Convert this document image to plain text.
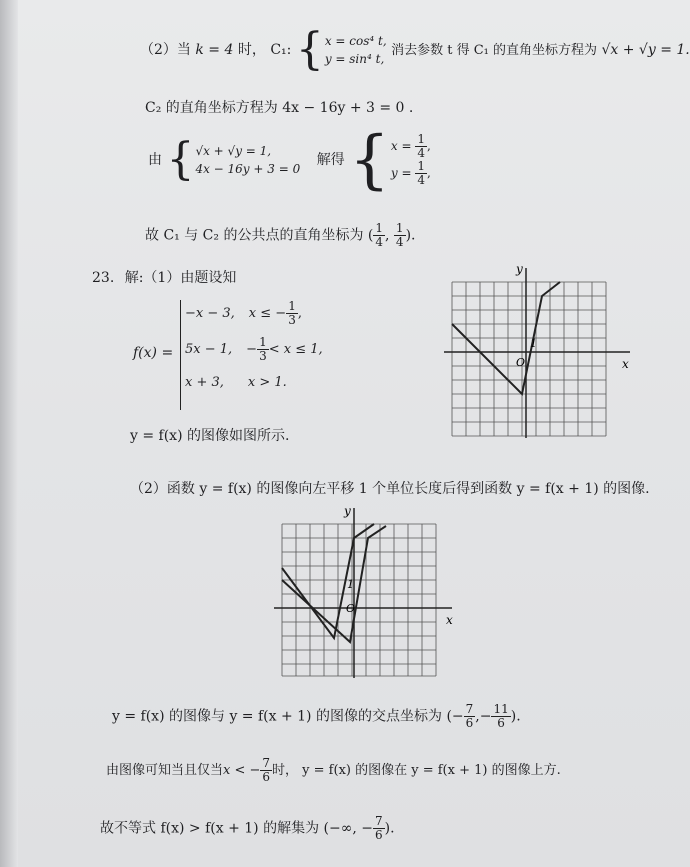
（2）当 k = 4 时， C₁: { x = cos⁴ t,
y = sin⁴ t,
消去参数 t 得 C₁ 的直角坐标方程为 √x + √y = 1.
C₂ 的直角坐标方程为 4x − 16y + 3 = 0 .
由 { √x + √y = 1,
4x − 16y + 3 = 0
解得 { $x = \frac{1}{4}$ ,
$y = \frac{1}{4}$ ,
故 C₁ 与 C₂ 的公共点的直角坐标为 ( $\frac{1}{4}$ , $\frac{1}{4}$ ).
23. 解:（1）由题设知
f(x) =
−x − 3, x ≤ − $\frac{1}{3}$ ,
5x − 1, − $\frac{1}{3} < x \le 1$,
x + 3, x > 1.
y = f(x) 的图像如图所示.
y
x
1
O
（2）函数 y = f(x) 的图像向左平移 1 个单位长度后得到函数 y = f(x + 1) 的图像.
y
x
1
O
y = f(x) 的图像与 y = f(x + 1) 的图像的交点坐标为 (− $\frac{7}{6}$ ,− $\frac{11}{6}$ ).
由图像可知当且仅当x < − $\frac{7}{6}$ 时， y = f(x) 的图像在 y = f(x + 1) 的图像上方.
故不等式 f(x) > f(x + 1) 的解集为 (−∞, − $\frac{7}{6}$ ).
